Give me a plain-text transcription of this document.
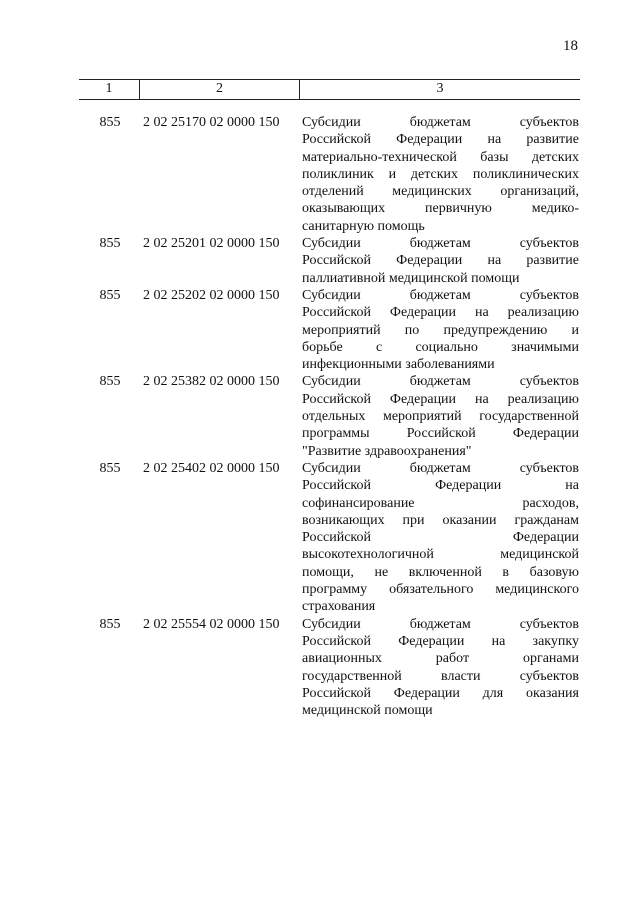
18
1	2	3
855	2 02 25170 02 0000 150	Субсидии бюджетам субъектов
Российской Федерации на развитие
материально-технической базы детских
поликлиник и детских поликлинических
отделений медицинских организаций,
оказывающих первичную медико-
санитарную помощь
855	2 02 25201 02 0000 150	Субсидии бюджетам субъектов
Российской Федерации на развитие
паллиативной медицинской помощи
855	2 02 25202 02 0000 150	Субсидии бюджетам субъектов
Российской Федерации на реализацию
мероприятий по предупреждению и
борьбе с социально значимыми
инфекционными заболеваниями
855	2 02 25382 02 0000 150	Субсидии бюджетам субъектов
Российской Федерации на реализацию
отдельных мероприятий государственной
программы Российской Федерации
"Развитие здравоохранения"
855	2 02 25402 02 0000 150	Субсидии бюджетам субъектов
Российской Федерации на
софинансирование расходов,
возникающих при оказании гражданам
Российской Федерации
высокотехнологичной медицинской
помощи, не включенной в базовую
программу обязательного медицинского
страхования
855	2 02 25554 02 0000 150	Субсидии бюджетам субъектов
Российской Федерации на закупку
авиационных работ органами
государственной власти субъектов
Российской Федерации для оказания
медицинской помощи
